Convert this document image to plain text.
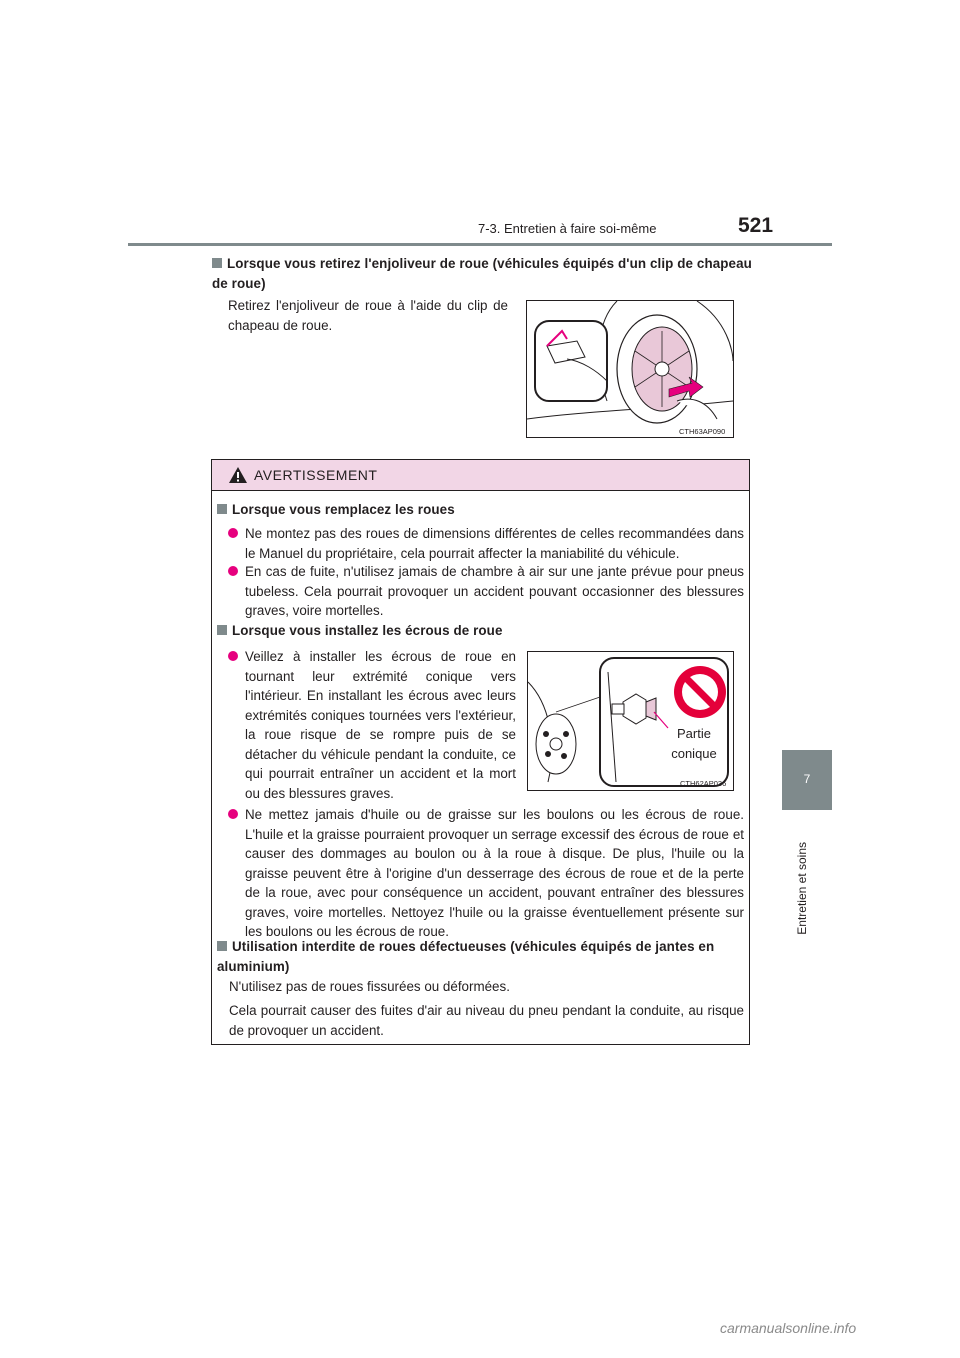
7-3. Entretien à faire soi-même	521
7
Entretien et soins
Lorsque vous retirez l'enjoliveur de roue (véhicules équipés d'un clip de chapeau de roue)
Retirez l'enjoliveur de roue à l'aide du clip de chapeau de roue.
CTH63AP090
AVERTISSEMENT
Lorsque vous remplacez les roues
Ne montez pas des roues de dimensions différentes de celles recommandées dans le Manuel du propriétaire, cela pourrait affecter la maniabilité du véhicule.
En cas de fuite, n'utilisez jamais de chambre à air sur une jante prévue pour pneus tubeless. Cela pourrait provoquer un accident pouvant occasionner des blessures graves, voire mortelles.
Lorsque vous installez les écrous de roue
Veillez à installer les écrous de roue en tournant leur extrémité conique vers l'intérieur. En installant les écrous avec leurs extrémités coniques tournées vers l'extérieur, la roue risque de se rompre puis de se détacher du véhicule pendant la conduite, ce qui pourrait entraîner un accident et la mort ou des blessures graves.
Partie conique
CTH62AP036
Ne mettez jamais d'huile ou de graisse sur les boulons ou les écrous de roue. L'huile et la graisse pourraient provoquer un serrage excessif des écrous de roue et causer des dommages au boulon ou à la roue à disque. De plus, l'huile ou la graisse peuvent être à l'origine d'un desserrage des écrous de roue et de la perte de la roue, avec pour conséquence un accident, pouvant entraîner des blessures graves, voire mortelles. Nettoyez l'huile ou la graisse éventuellement présente sur les boulons ou les écrous de roue.
Utilisation interdite de roues défectueuses (véhicules équipés de jantes en aluminium)
N'utilisez pas de roues fissurées ou déformées.
Cela pourrait causer des fuites d'air au niveau du pneu pendant la conduite, au risque de provoquer un accident.
carmanualsonline.info
